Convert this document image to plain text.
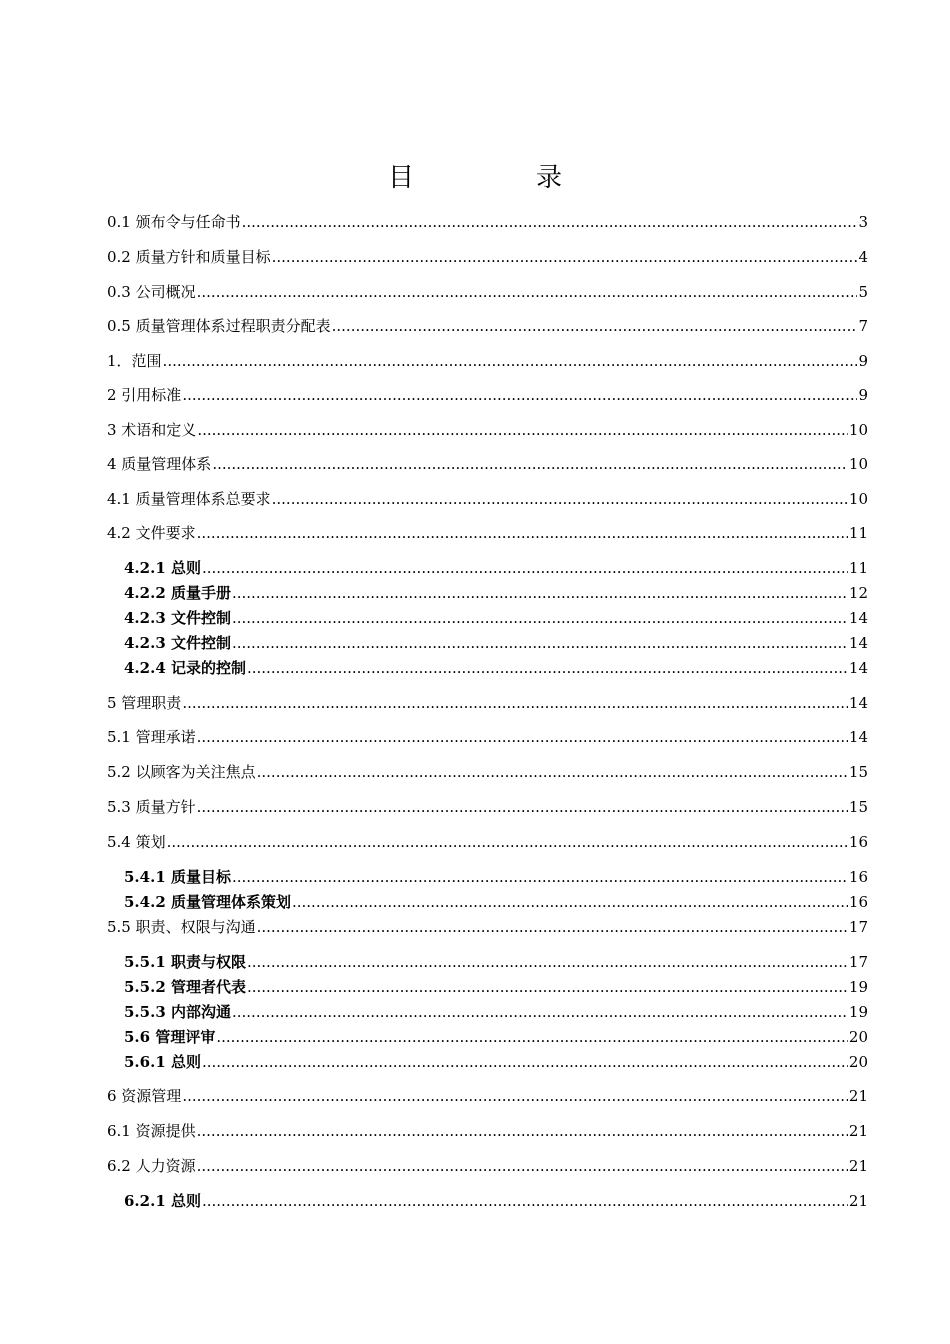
目　录
0.1 颁布令与任命书 .....	3
0.2 质量方针和质量目标 .....	4
0.3 公司概况 .....	5
0.5 质量管理体系过程职责分配表 .....	7
1．范围 .....	9
2 引用标准 .....	9
3 术语和定义 .....	10
4 质量管理体系 .....	10
4.1 质量管理体系总要求 .....	10
4.2 文件要求 .....	11
4.2.1 总则 .....	11
4.2.2 质量手册 .....	12
4.2.3 文件控制 .....	14
4.2.3 文件控制 .....	14
4.2.4 记录的控制 .....	14
5 管理职责 .....	14
5.1 管理承诺 .....	14
5.2 以顾客为关注焦点 .....	15
5.3 质量方针 .....	15
5.4 策划 .....	16
5.4.1 质量目标 .....	16
5.4.2 质量管理体系策划 .....	16
5.5 职责、权限与沟通 .....	17
5.5.1 职责与权限 .....	17
5.5.2 管理者代表 .....	19
5.5.3 内部沟通 .....	19
5.6 管理评审 .....	20
5.6.1 总则 .....	20
6 资源管理 .....	21
6.1 资源提供 .....	21
6.2 人力资源 .....	21
6.2.1 总则 .....	21
